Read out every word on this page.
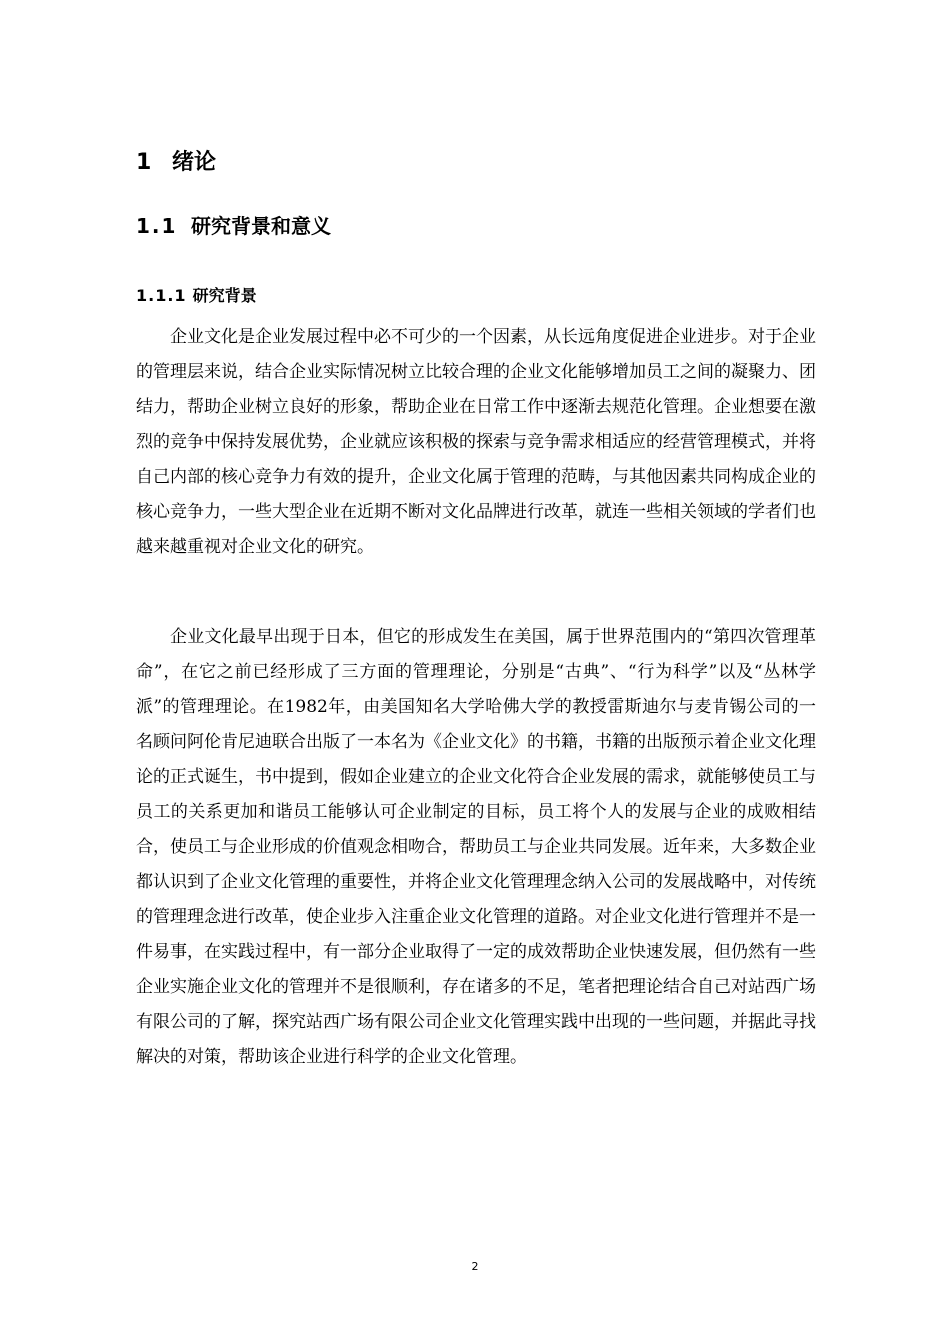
1 绪论
1.1 研究背景和意义
1.1.1 研究背景

企业文化是企业发展过程中必不可少的一个因素，从长远角度促进企业进步。对于企业的管理层来说，结合企业实际情况树立比较合理的企业文化能够增加员工之间的凝聚力、团结力，帮助企业树立良好的形象，帮助企业在日常工作中逐渐去规范化管理。企业想要在激烈的竞争中保持发展优势，企业就应该积极的探索与竞争需求相适应的经营管理模式，并将自己内部的核心竞争力有效的提升，企业文化属于管理的范畴，与其他因素共同构成企业的核心竞争力，一些大型企业在近期不断对文化品牌进行改革，就连一些相关领域的学者们也越来越重视对企业文化的研究。

企业文化最早出现于日本，但它的形成发生在美国，属于世界范围内的“第四次管理革命”，在它之前已经形成了三方面的管理理论，分别是“古典”、“行为科学”以及“丛林学派”的管理理论。在1982年，由美国知名大学哈佛大学的教授雷斯迪尔与麦肯锡公司的一名顾问阿伦肯尼迪联合出版了一本名为《企业文化》的书籍，书籍的出版预示着企业文化理论的正式诞生，书中提到，假如企业建立的企业文化符合企业发展的需求，就能够使员工与员工的关系更加和谐员工能够认可企业制定的目标，员工将个人的发展与企业的成败相结合，使员工与企业形成的价值观念相吻合，帮助员工与企业共同发展。近年来，大多数企业都认识到了企业文化管理的重要性，并将企业文化管理理念纳入公司的发展战略中，对传统的管理理念进行改革，使企业步入注重企业文化管理的道路。对企业文化进行管理并不是一件易事，在实践过程中，有一部分企业取得了一定的成效帮助企业快速发展，但仍然有一些企业实施企业文化的管理并不是很顺利，存在诸多的不足，笔者把理论结合自己对站西广场有限公司的了解，探究站西广场有限公司企业文化管理实践中出现的一些问题，并据此寻找解决的对策，帮助该企业进行科学的企业文化管理。

2
